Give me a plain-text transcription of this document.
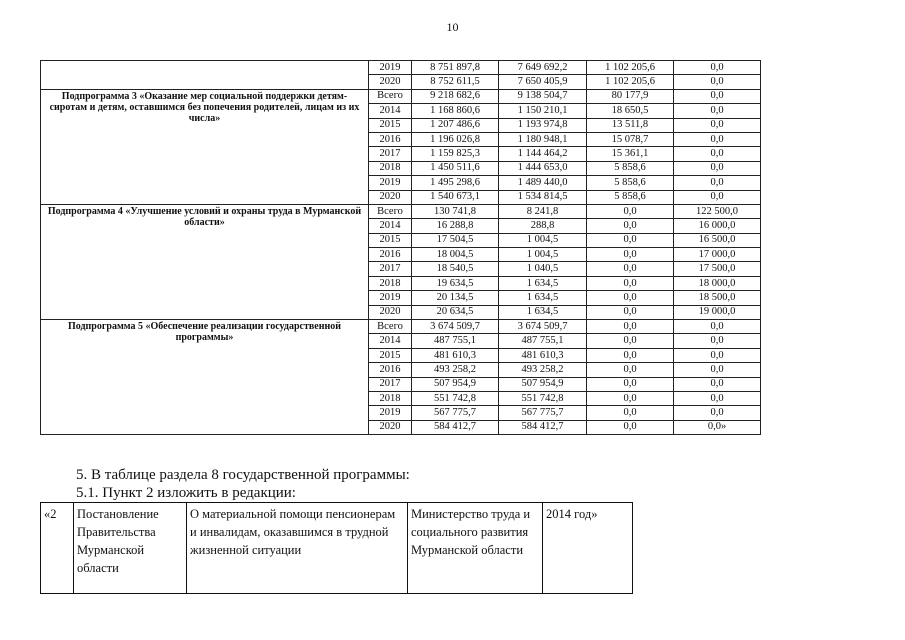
10
	2019	8 751 897,8	7 649 692,2	1 102 205,6	0,0
	2020	8 752 611,5	7 650 405,9	1 102 205,6	0,0
Подпрограмма 3 «Оказание мер социальной поддержки детям-сиротам и детям, оставшимся без попечения родителей, лицам из их числа»	Всего	9 218 682,6	9 138 504,7	80 177,9	0,0
	2014	1 168 860,6	1 150 210,1	18 650,5	0,0
	2015	1 207 486,6	1 193 974,8	13 511,8	0,0
	2016	1 196 026,8	1 180 948,1	15 078,7	0,0
	2017	1 159 825,3	1 144 464,2	15 361,1	0,0
	2018	1 450 511,6	1 444 653,0	5 858,6	0,0
	2019	1 495 298,6	1 489 440,0	5 858,6	0,0
	2020	1 540 673,1	1 534 814,5	5 858,6	0,0
Подпрограмма 4 «Улучшение условий и охраны труда в Мурманской области»	Всего	130 741,8	8 241,8	0,0	122 500,0
	2014	16 288,8	288,8	0,0	16 000,0
	2015	17 504,5	1 004,5	0,0	16 500,0
	2016	18 004,5	1 004,5	0,0	17 000,0
	2017	18 540,5	1 040,5	0,0	17 500,0
	2018	19 634,5	1 634,5	0,0	18 000,0
	2019	20 134,5	1 634,5	0,0	18 500,0
	2020	20 634,5	1 634,5	0,0	19 000,0
Подпрограмма 5 «Обеспечение реализации государственной программы»	Всего	3 674 509,7	3 674 509,7	0,0	0,0
	2014	487 755,1	487 755,1	0,0	0,0
	2015	481 610,3	481 610,3	0,0	0,0
	2016	493 258,2	493 258,2	0,0	0,0
	2017	507 954,9	507 954,9	0,0	0,0
	2018	551 742,8	551 742,8	0,0	0,0
	2019	567 775,7	567 775,7	0,0	0,0
	2020	584 412,7	584 412,7	0,0	0,0»
5. В таблице раздела 8 государственной программы:
5.1. Пункт 2 изложить в редакции:
«2	Постановление Правительства Мурманской области	О материальной помощи пенсионерам и инвалидам, оказавшимся в трудной жизненной ситуации	Министерство труда и социального развития Мурманской области	2014 год»
